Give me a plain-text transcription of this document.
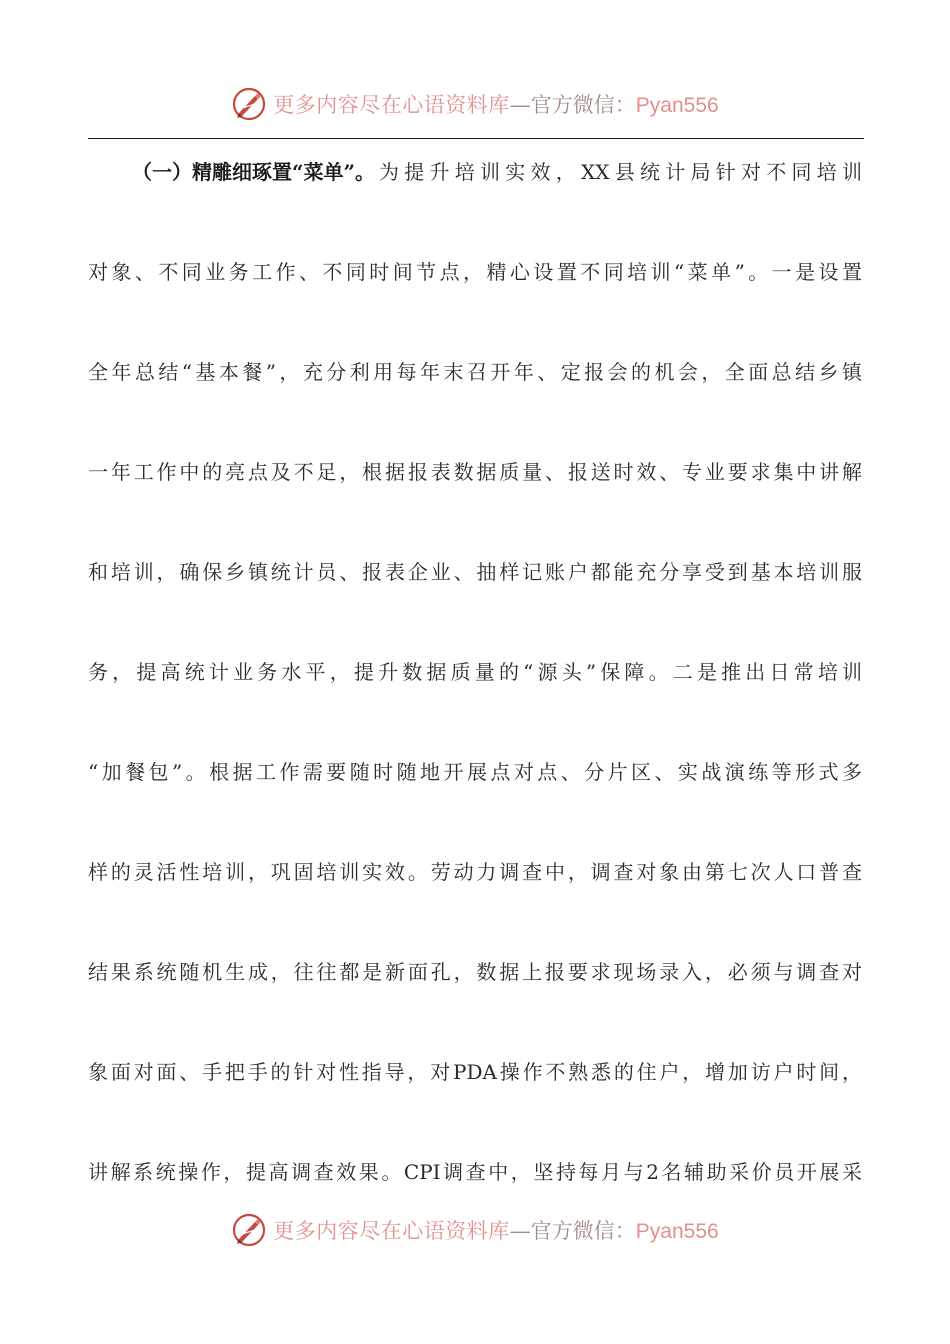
更多内容尽在心语资料库 — 官方微信： Pyan556
（一）精雕细琢置“菜单”。 为提升培训实效，XX县统计局针对不同培训
对象、不同业务工作、不同时间节点，精心设置不同培训“菜单”。一是设置
全年总结“基本餐”，充分利用每年末召开年、定报会的机会，全面总结乡镇
一年工作中的亮点及不足，根据报表数据质量、报送时效、专业要求集中讲解
和培训，确保乡镇统计员、报表企业、抽样记账户都能充分享受到基本培训服
务，提高统计业务水平，提升数据质量的“源头”保障。二是推出日常培训
“加餐包”。根据工作需要随时随地开展点对点、分片区、实战演练等形式多
样的灵活性培训，巩固培训实效。劳动力调查中，调查对象由第七次人口普查
结果系统随机生成，往往都是新面孔，数据上报要求现场录入，必须与调查对
象面对面、手把手的针对性指导，对PDA操作不熟悉的住户，增加访户时间，
讲解系统操作，提高调查效果。CPI调查中，坚持每月与2名辅助采价员开展采
更多内容尽在心语资料库 — 官方微信： Pyan556
